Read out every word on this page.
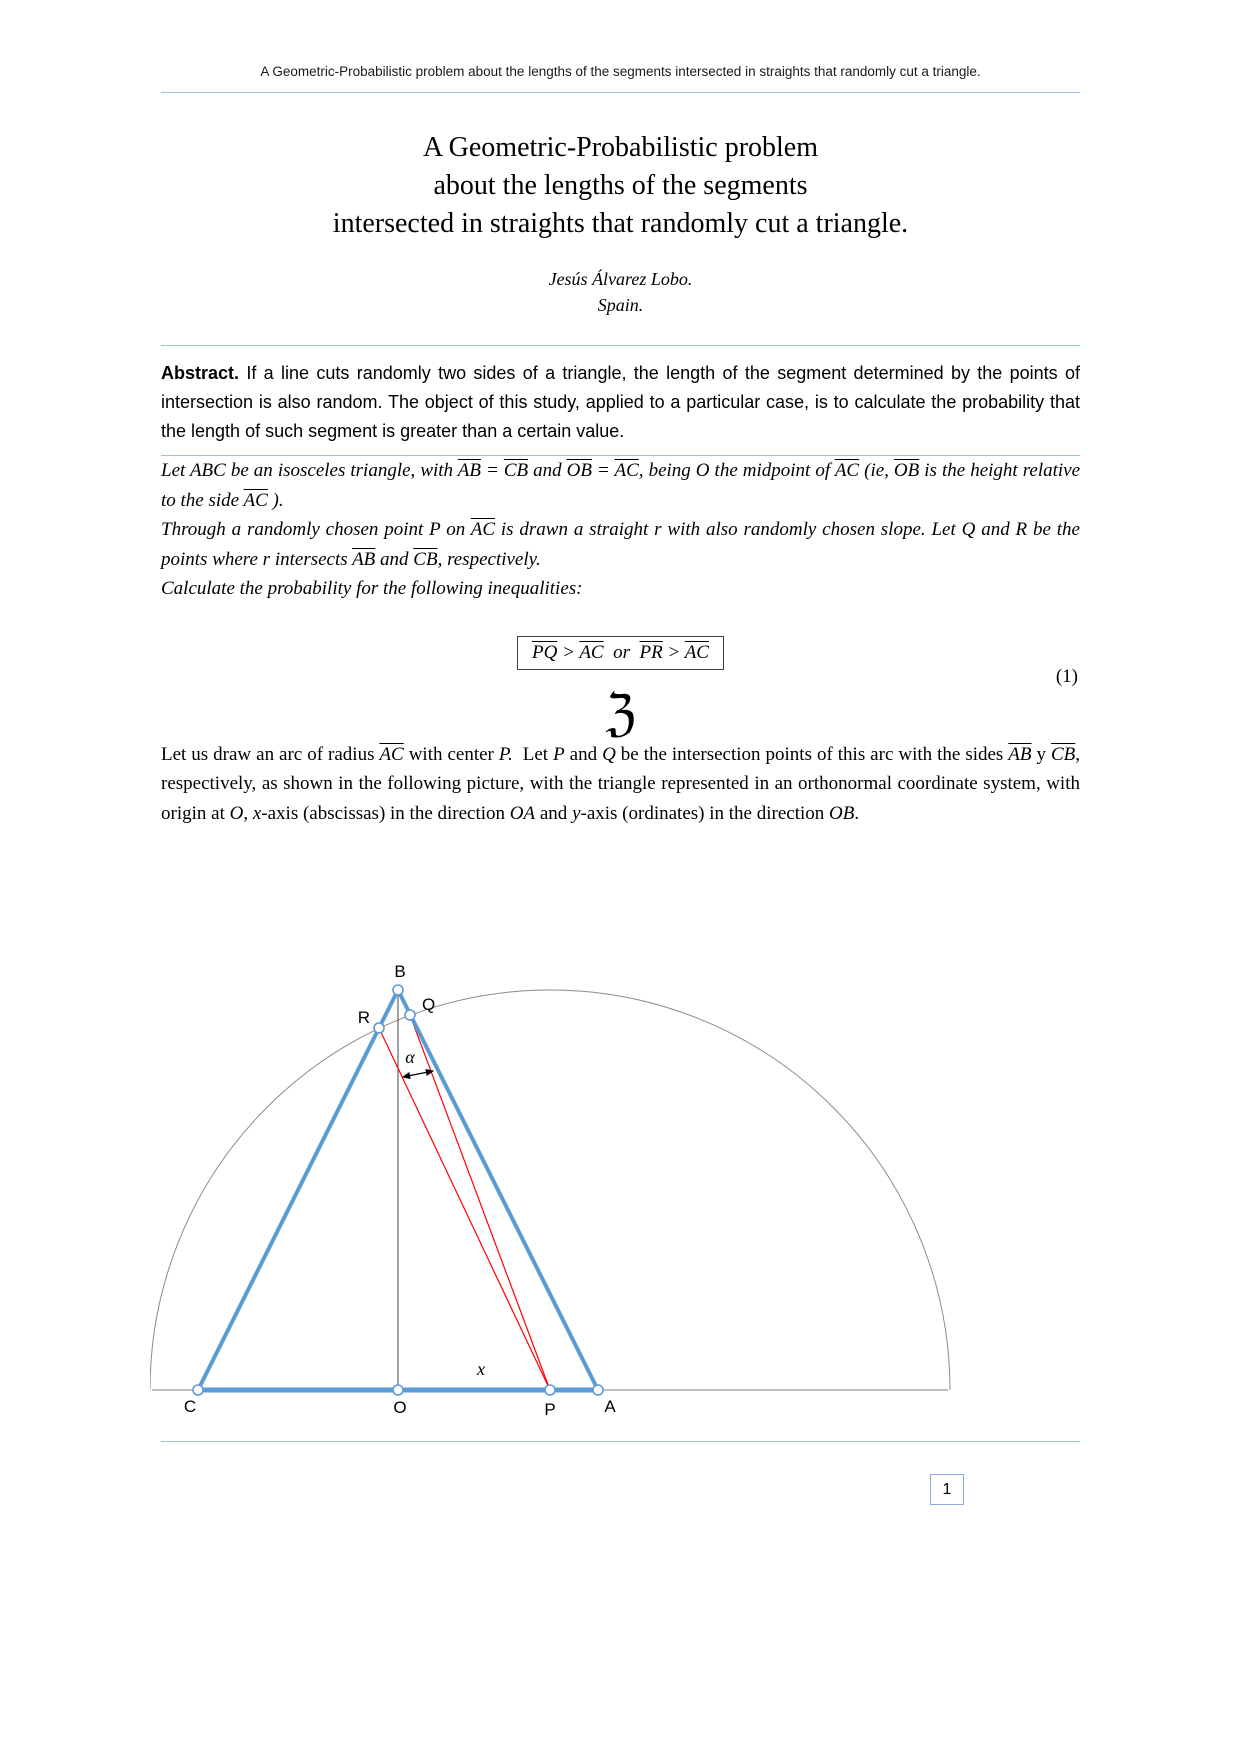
A Geometric-Probabilistic problem about the lengths of the segments intersected in straights that randomly cut a triangle.
A Geometric-Probabilistic problem
about the lengths of the segments
intersected in straights that randomly cut a triangle.
Jesús Álvarez Lobo.
Spain.

Abstract. If a line cuts randomly two sides of a triangle, the length of the segment determined by the points of intersection is also random. The object of this study, applied to a particular case, is to calculate the probability that the length of such segment is greater than a certain value.

Let ABC be an isosceles triangle, with $\overline{AB} = \overline{CB}$ and $\overline{OB} = \overline{AC}$, being O the midpoint of $\overline{AC}$ (ie, $\overline{OB}$ is the height relative to the side $\overline{AC}$ ).

Through a randomly chosen point P on $\overline{AC}$ is drawn a straight r with also randomly chosen slope. Let Q and R be the points where r intersects $\overline{AB}$ and $\overline{CB}$, respectively.

Calculate the probability for the following inequalities:

$\overline{PQ} > \overline{AC}$  or  $\overline{PR} > \overline{AC}$
(1)
ℨ

Let us draw an arc of radius $\overline{AC}$ with center P.  Let P and Q be the intersection points of this arc with the sides $\overline{AB}$ y $\overline{CB}$, respectively, as shown in the following picture, with the triangle represented in an orthonormal coordinate system, with origin at O, x-axis (abscissas) in the direction OA and y-axis (ordinates) in the direction OB.

B
Q
R
α
x
C	O	P	A
1
